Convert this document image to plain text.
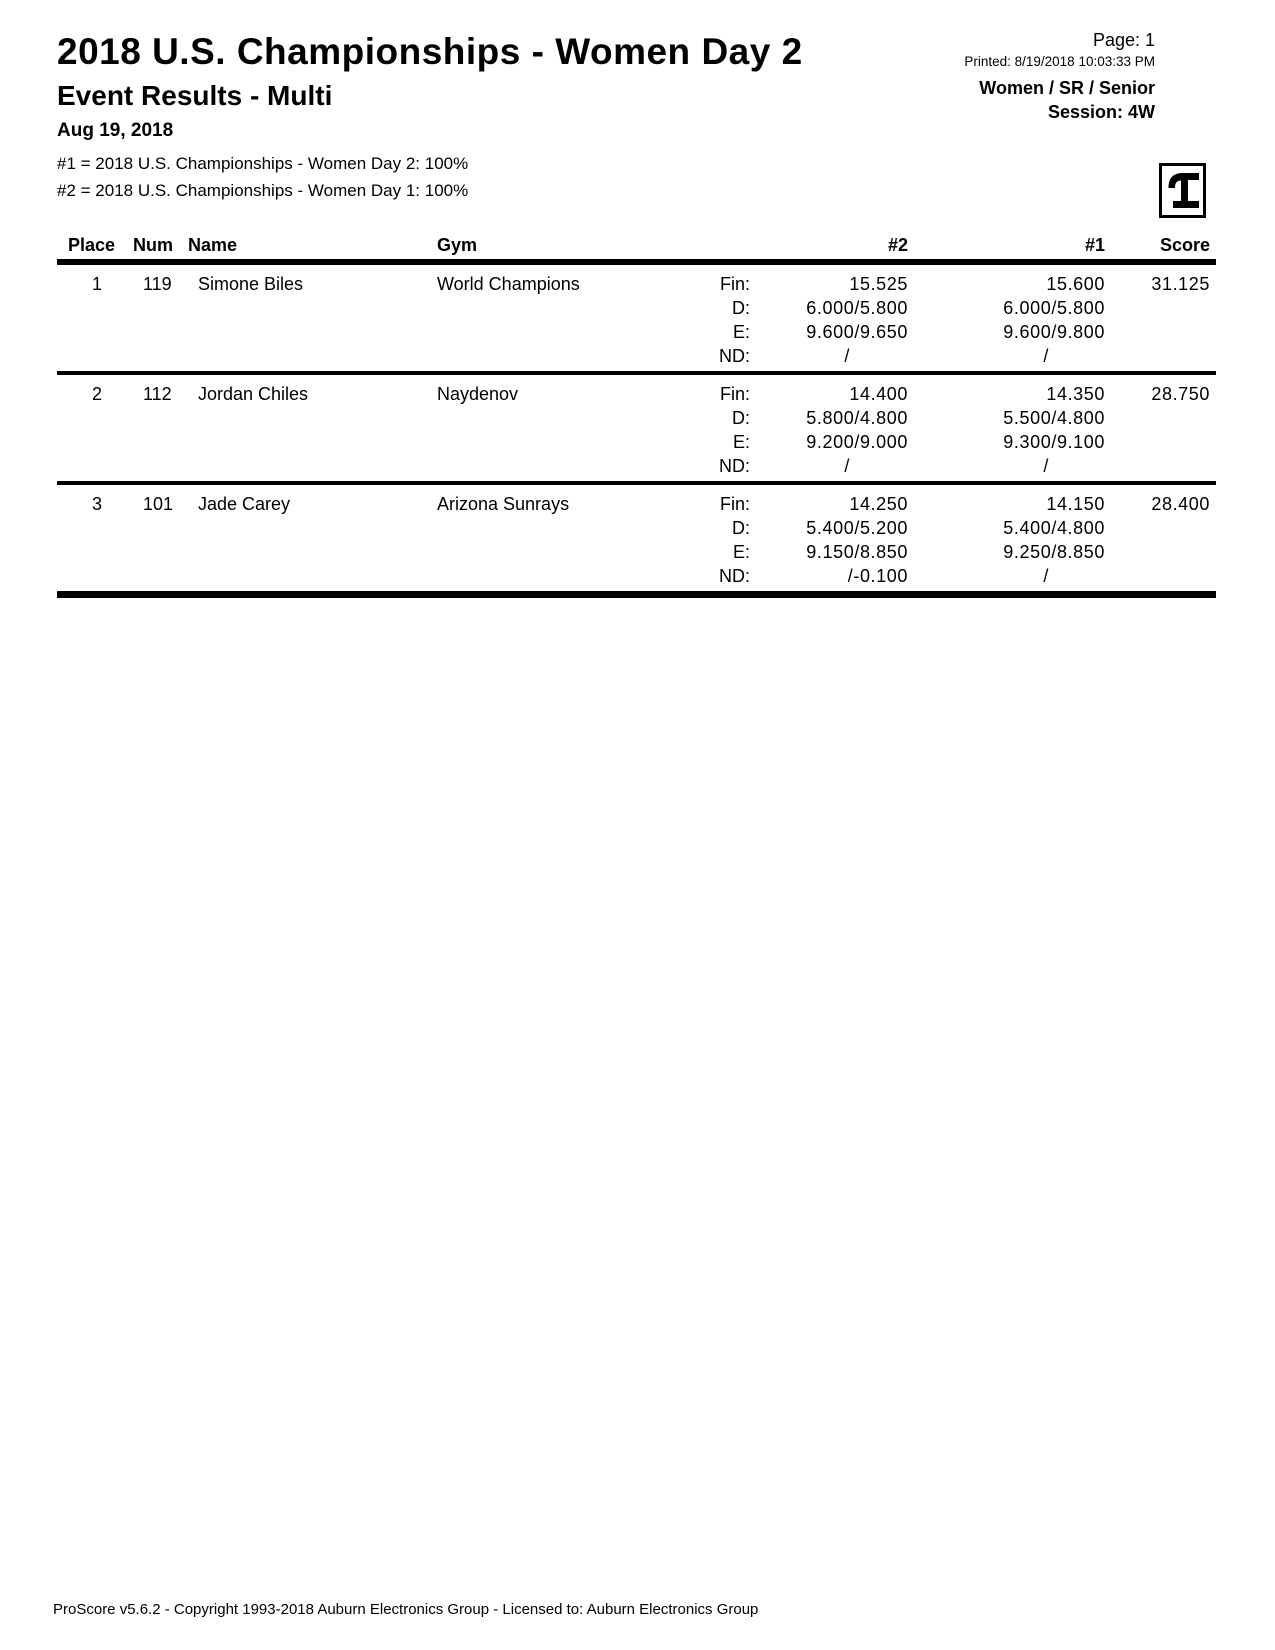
2018 U.S. Championships - Women Day 2
Event Results - Multi
Aug 19, 2018
Page: 1
Printed: 8/19/2018 10:03:33 PM
Women / SR / Senior
Session: 4W
#1 = 2018 U.S. Championships - Women Day 2: 100%
#2 = 2018 U.S. Championships - Women Day 1: 100%
Place Num Name	Gym	#2	#1	Score
1	119	Simone Biles	World Champions	Fin:	15.525	15.600	31.125
D:	6.000/5.800	6.000/5.800
E:	9.600/9.650	9.600/9.800
ND:	/	/
2	112	Jordan Chiles	Naydenov	Fin:	14.400	14.350	28.750
D:	5.800/4.800	5.500/4.800
E:	9.200/9.000	9.300/9.100
ND:	/	/
3	101	Jade Carey	Arizona Sunrays	Fin:	14.250	14.150	28.400
D:	5.400/5.200	5.400/4.800
E:	9.150/8.850	9.250/8.850
ND:	/-0.100	/
ProScore v5.6.2 - Copyright 1993-2018 Auburn Electronics Group - Licensed to: Auburn Electronics Group
